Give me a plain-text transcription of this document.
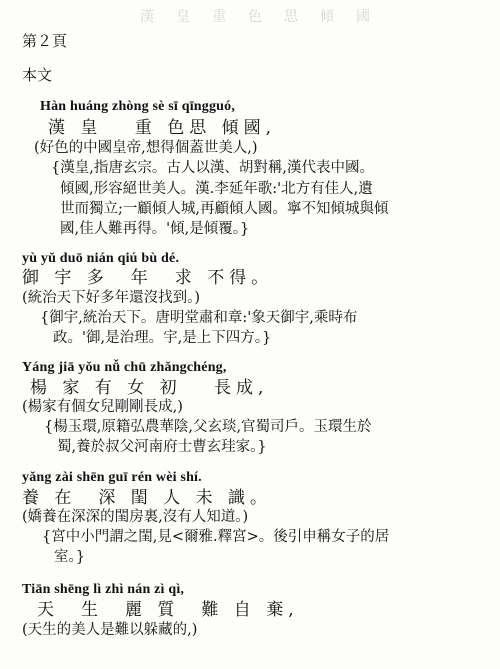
漢皇重色思傾國
第２頁
本文
Hàn huáng zhòng sè sī qīngguó,
漢 皇　 重 色思 傾國,
(好色的中國皇帝,想得個蓋世美人,)
{漢皇,指唐玄宗。古人以漢、胡對稱,漢代表中國。
傾國,形容絕世美人。漢.李延年歌:'北方有佳人,遺
世而獨立;一顧傾人城,再顧傾人國。寧不知傾城與傾
國,佳人難再得。'傾,是傾覆。}
yù yǔ duō nián qiú bù dé.
御 宇 多　年　求 不得。
(統治天下好多年還沒找到。)
{御宇,統治天下。唐明堂肅和章:'象天御宇,乘時布
政。'御,是治理。宇,是上下四方。}
Yáng jiā yǒu nǚ chū zhǎngchéng,
楊 家 有 女 初　 長成,
(楊家有個女兒剛剛長成,)
{楊玉環,原籍弘農華陰,父玄琰,官蜀司戶。玉環生於
蜀,養於叔父河南府士曹玄珪家。}
yǎng zài shēn guī rén wèi shí.
養 在　深 閨 人 未 識。
(嬌養在深深的閨房裏,沒有人知道。)
{宮中小門謂之閨,見<爾雅.釋宮>。後引申稱女子的居
室。}
Tiān shēng lì zhì nán zì qì,
天　生　麗 質　難 自 棄,
(天生的美人是難以躲藏的,)
